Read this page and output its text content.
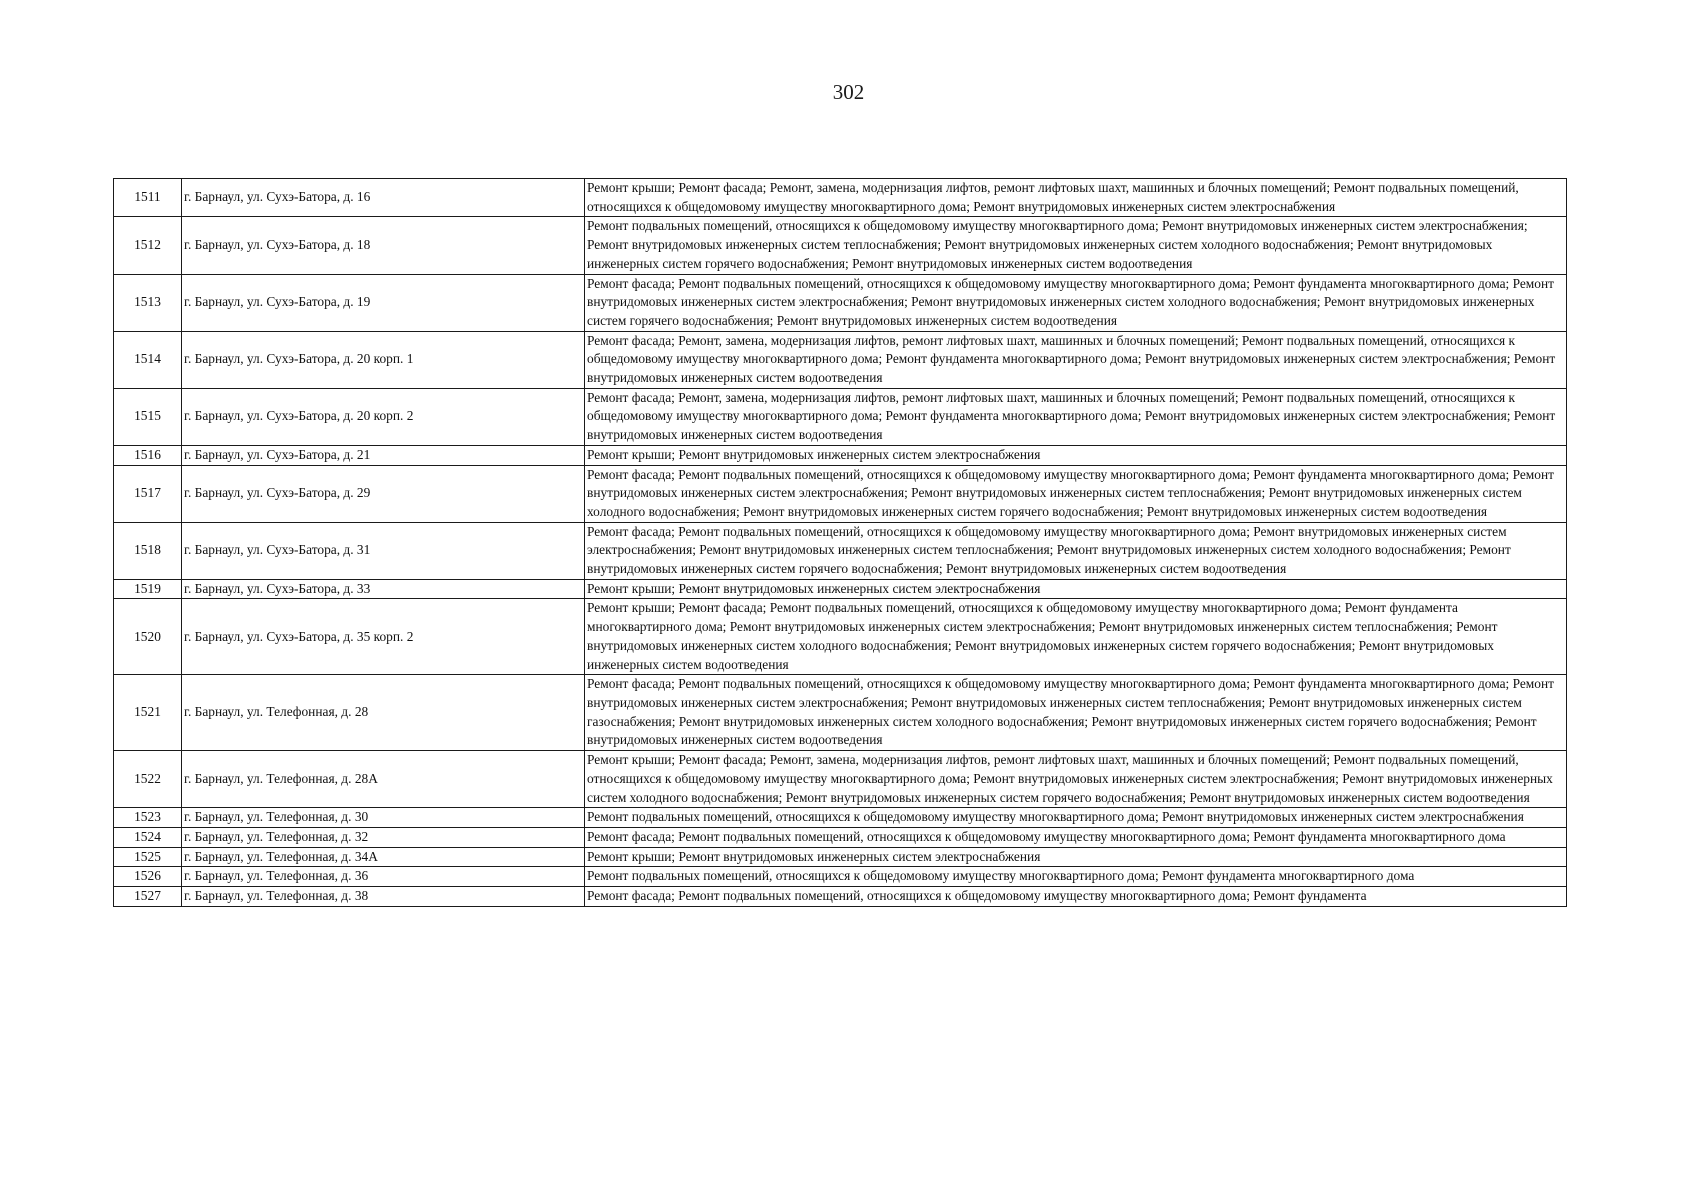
302
1511	г. Барнаул, ул. Сухэ-Батора, д. 16	Ремонт крыши; Ремонт фасада; Ремонт, замена, модернизация лифтов, ремонт лифтовых шахт, машинных и блочных помещений; Ремонт подвальных помещений, относящихся к общедомовому имуществу многоквартирного дома; Ремонт внутридомовых инженерных систем электроснабжения
1512	г. Барнаул, ул. Сухэ-Батора, д. 18	Ремонт подвальных помещений, относящихся к общедомовому имуществу многоквартирного дома; Ремонт внутридомовых инженерных систем электроснабжения; Ремонт внутридомовых инженерных систем теплоснабжения; Ремонт внутридомовых инженерных систем холодного водоснабжения; Ремонт внутридомовых инженерных систем горячего водоснабжения; Ремонт внутридомовых инженерных систем водоотведения
1513	г. Барнаул, ул. Сухэ-Батора, д. 19	Ремонт фасада; Ремонт подвальных помещений, относящихся к общедомовому имуществу многоквартирного дома; Ремонт фундамента многоквартирного дома; Ремонт внутридомовых инженерных систем электроснабжения; Ремонт внутридомовых инженерных систем холодного водоснабжения; Ремонт внутридомовых инженерных систем горячего водоснабжения; Ремонт внутридомовых инженерных систем водоотведения
1514	г. Барнаул, ул. Сухэ-Батора, д. 20 корп. 1	Ремонт фасада; Ремонт, замена, модернизация лифтов, ремонт лифтовых шахт, машинных и блочных помещений; Ремонт подвальных помещений, относящихся к общедомовому имуществу многоквартирного дома; Ремонт фундамента многоквартирного дома; Ремонт внутридомовых инженерных систем электроснабжения; Ремонт внутридомовых инженерных систем водоотведения
1515	г. Барнаул, ул. Сухэ-Батора, д. 20 корп. 2	Ремонт фасада; Ремонт, замена, модернизация лифтов, ремонт лифтовых шахт, машинных и блочных помещений; Ремонт подвальных помещений, относящихся к общедомовому имуществу многоквартирного дома; Ремонт фундамента многоквартирного дома; Ремонт внутридомовых инженерных систем электроснабжения; Ремонт внутридомовых инженерных систем водоотведения
1516	г. Барнаул, ул. Сухэ-Батора, д. 21	Ремонт крыши; Ремонт внутридомовых инженерных систем электроснабжения
1517	г. Барнаул, ул. Сухэ-Батора, д. 29	Ремонт фасада; Ремонт подвальных помещений, относящихся к общедомовому имуществу многоквартирного дома; Ремонт фундамента многоквартирного дома; Ремонт внутридомовых инженерных систем электроснабжения; Ремонт внутридомовых инженерных систем теплоснабжения; Ремонт внутридомовых инженерных систем холодного водоснабжения; Ремонт внутридомовых инженерных систем горячего водоснабжения; Ремонт внутридомовых инженерных систем водоотведения
1518	г. Барнаул, ул. Сухэ-Батора, д. 31	Ремонт фасада; Ремонт подвальных помещений, относящихся к общедомовому имуществу многоквартирного дома; Ремонт внутридомовых инженерных систем электроснабжения; Ремонт внутридомовых инженерных систем теплоснабжения; Ремонт внутридомовых инженерных систем холодного водоснабжения; Ремонт внутридомовых инженерных систем горячего водоснабжения; Ремонт внутридомовых инженерных систем водоотведения
1519	г. Барнаул, ул. Сухэ-Батора, д. 33	Ремонт крыши; Ремонт внутридомовых инженерных систем электроснабжения
1520	г. Барнаул, ул. Сухэ-Батора, д. 35 корп. 2	Ремонт крыши; Ремонт фасада; Ремонт подвальных помещений, относящихся к общедомовому имуществу многоквартирного дома; Ремонт фундамента многоквартирного дома; Ремонт внутридомовых инженерных систем электроснабжения; Ремонт внутридомовых инженерных систем теплоснабжения; Ремонт внутридомовых инженерных систем холодного водоснабжения; Ремонт внутридомовых инженерных систем горячего водоснабжения; Ремонт внутридомовых инженерных систем водоотведения
1521	г. Барнаул, ул. Телефонная, д. 28	Ремонт фасада; Ремонт подвальных помещений, относящихся к общедомовому имуществу многоквартирного дома; Ремонт фундамента многоквартирного дома; Ремонт внутридомовых инженерных систем электроснабжения; Ремонт внутридомовых инженерных систем теплоснабжения; Ремонт внутридомовых инженерных систем газоснабжения; Ремонт внутридомовых инженерных систем холодного водоснабжения; Ремонт внутридомовых инженерных систем горячего водоснабжения; Ремонт внутридомовых инженерных систем водоотведения
1522	г. Барнаул, ул. Телефонная, д. 28А	Ремонт крыши; Ремонт фасада; Ремонт, замена, модернизация лифтов, ремонт лифтовых шахт, машинных и блочных помещений; Ремонт подвальных помещений, относящихся к общедомовому имуществу многоквартирного дома; Ремонт внутридомовых инженерных систем электроснабжения; Ремонт внутридомовых инженерных систем холодного водоснабжения; Ремонт внутридомовых инженерных систем горячего водоснабжения; Ремонт внутридомовых инженерных систем водоотведения
1523	г. Барнаул, ул. Телефонная, д. 30	Ремонт подвальных помещений, относящихся к общедомовому имуществу многоквартирного дома; Ремонт внутридомовых инженерных систем электроснабжения
1524	г. Барнаул, ул. Телефонная, д. 32	Ремонт фасада; Ремонт подвальных помещений, относящихся к общедомовому имуществу многоквартирного дома; Ремонт фундамента многоквартирного дома
1525	г. Барнаул, ул. Телефонная, д. 34А	Ремонт крыши; Ремонт внутридомовых инженерных систем электроснабжения
1526	г. Барнаул, ул. Телефонная, д. 36	Ремонт подвальных помещений, относящихся к общедомовому имуществу многоквартирного дома; Ремонт фундамента многоквартирного дома
1527	г. Барнаул, ул. Телефонная, д. 38	Ремонт фасада; Ремонт подвальных помещений, относящихся к общедомовому имуществу многоквартирного дома; Ремонт фундамента
